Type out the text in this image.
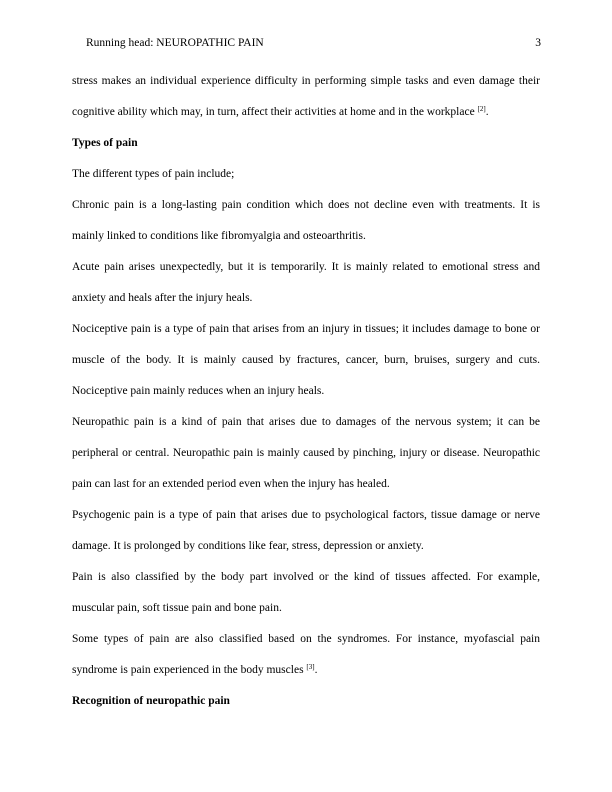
Running head: NEUROPATHIC PAIN	3

stress makes an individual experience difficulty in performing simple tasks and even damage their cognitive ability which may, in turn, affect their activities at home and in the workplace [2].

Types of pain

The different types of pain include;

Chronic pain is a long-lasting pain condition which does not decline even with treatments. It is mainly linked to conditions like fibromyalgia and osteoarthritis.

Acute pain arises unexpectedly, but it is temporarily. It is mainly related to emotional stress and anxiety and heals after the injury heals.

Nociceptive pain is a type of pain that arises from an injury in tissues; it includes damage to bone or muscle of the body. It is mainly caused by fractures, cancer, burn, bruises, surgery and cuts. Nociceptive pain mainly reduces when an injury heals.

Neuropathic pain is a kind of pain that arises due to damages of the nervous system; it can be peripheral or central. Neuropathic pain is mainly caused by pinching, injury or disease. Neuropathic pain can last for an extended period even when the injury has healed.

Psychogenic pain is a type of pain that arises due to psychological factors, tissue damage or nerve damage. It is prolonged by conditions like fear, stress, depression or anxiety.

Pain is also classified by the body part involved or the kind of tissues affected. For example, muscular pain, soft tissue pain and bone pain.

Some types of pain are also classified based on the syndromes. For instance, myofascial pain syndrome is pain experienced in the body muscles [3].

Recognition of neuropathic pain
